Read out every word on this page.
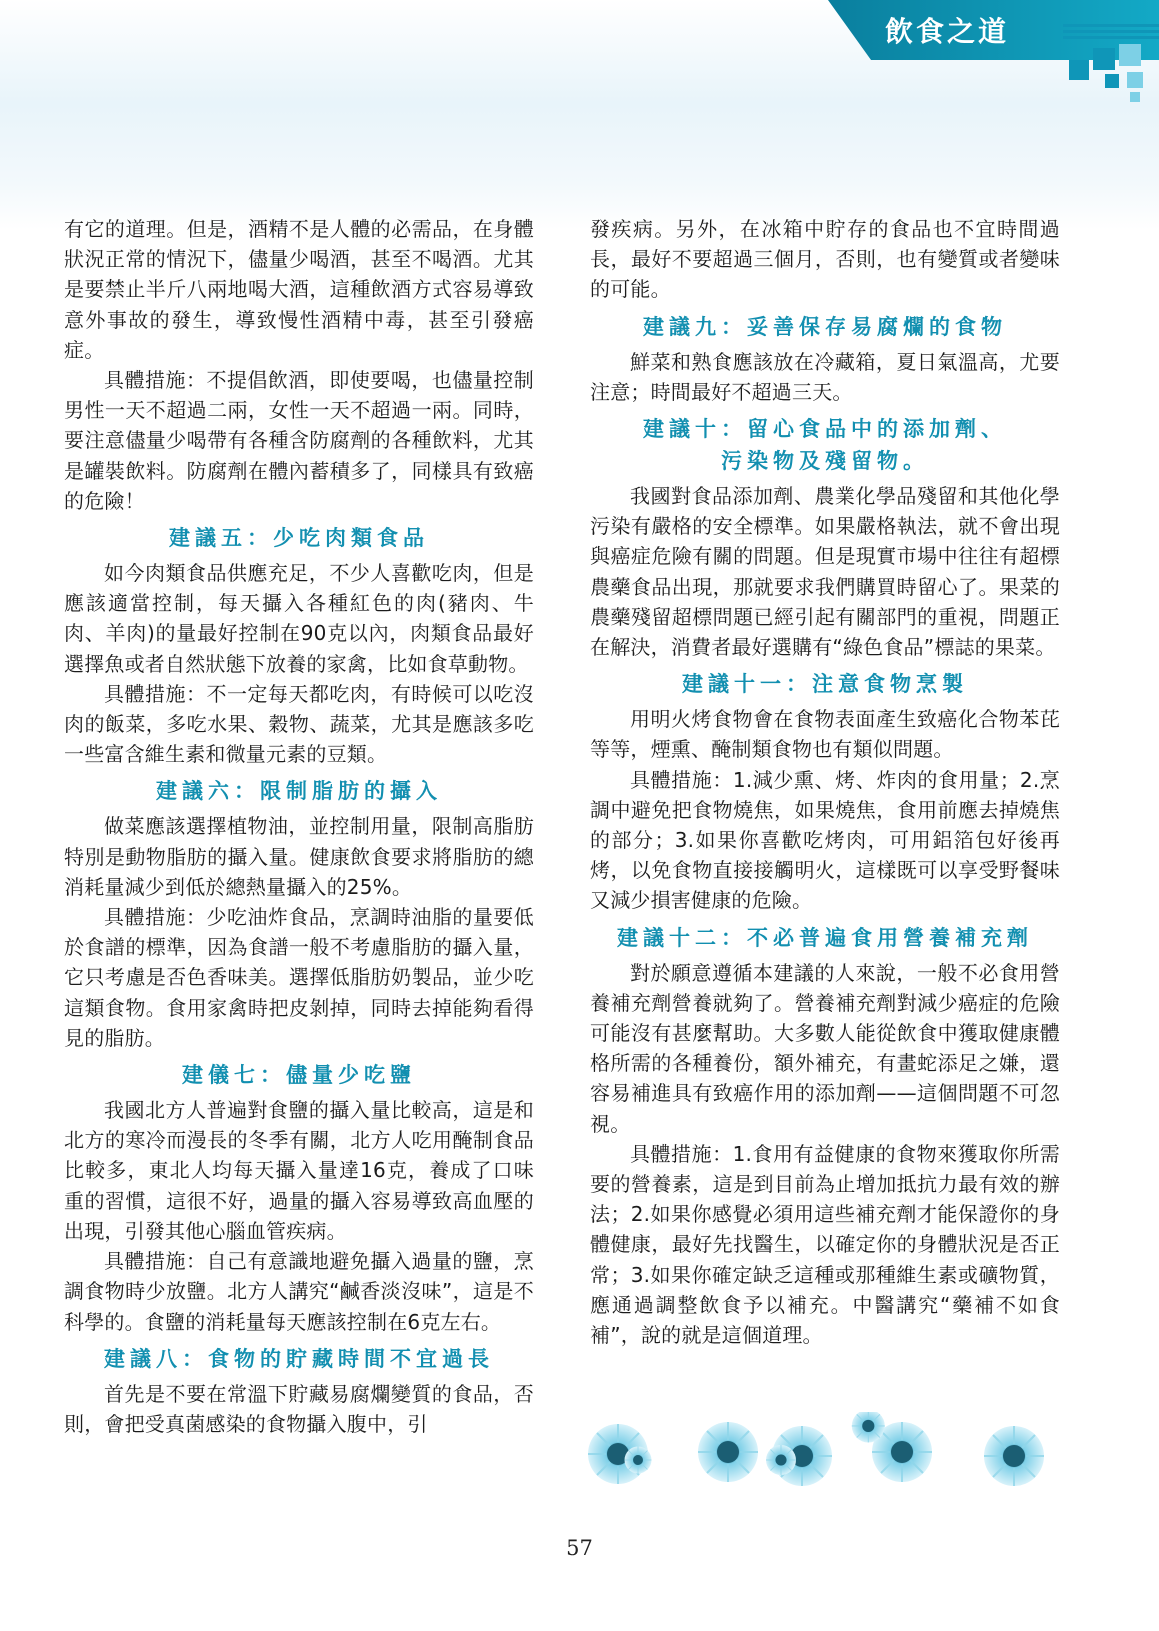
飲食之道

有它的道理。但是，酒精不是人體的必需品，在身體狀況正常的情況下，儘量少喝酒，甚至不喝酒。尤其是要禁止半斤八兩地喝大酒，這種飲酒方式容易導致意外事故的發生，導致慢性酒精中毒，甚至引發癌症。

具體措施：不提倡飲酒，即使要喝，也儘量控制男性一天不超過二兩，女性一天不超過一兩。同時，要注意儘量少喝帶有各種含防腐劑的各種飲料，尤其是罐裝飲料。防腐劑在體內蓄積多了，同樣具有致癌的危險！

建議五：少吃肉類食品

如今肉類食品供應充足，不少人喜歡吃肉，但是應該適當控制，每天攝入各種紅色的肉(豬肉、牛肉、羊肉)的量最好控制在90克以內，肉類食品最好選擇魚或者自然狀態下放養的家禽，比如食草動物。

具體措施：不一定每天都吃肉，有時候可以吃沒肉的飯菜，多吃水果、穀物、蔬菜，尤其是應該多吃一些富含維生素和微量元素的豆類。

建議六：限制脂肪的攝入

做菜應該選擇植物油，並控制用量，限制高脂肪特別是動物脂肪的攝入量。健康飲食要求將脂肪的總消耗量減少到低於總熱量攝入的25%。

具體措施：少吃油炸食品，烹調時油脂的量要低於食譜的標準，因為食譜一般不考慮脂肪的攝入量，它只考慮是否色香味美。選擇低脂肪奶製品，並少吃這類食物。食用家禽時把皮剝掉，同時去掉能夠看得見的脂肪。

建儀七：儘量少吃鹽

我國北方人普遍對食鹽的攝入量比較高，這是和北方的寒冷而漫長的冬季有關，北方人吃用醃制食品比較多，東北人均每天攝入量達16克，養成了口味重的習慣，這很不好，過量的攝入容易導致高血壓的出現，引發其他心腦血管疾病。

具體措施：自己有意識地避免攝入過量的鹽，烹調食物時少放鹽。北方人講究“鹹香淡沒味”，這是不科學的。食鹽的消耗量每天應該控制在6克左右。

建議八：食物的貯藏時間不宜過長

首先是不要在常溫下貯藏易腐爛變質的食品，否則，會把受真菌感染的食物攝入腹中，引

發疾病。另外，在冰箱中貯存的食品也不宜時間過長，最好不要超過三個月，否則，也有變質或者變味的可能。

建議九：妥善保存易腐爛的食物

鮮菜和熟食應該放在冷藏箱，夏日氣溫高，尤要注意；時間最好不超過三天。

建議十：留心食品中的添加劑、
污染物及殘留物。

我國對食品添加劑、農業化學品殘留和其他化學污染有嚴格的安全標準。如果嚴格執法，就不會出現與癌症危險有關的問題。但是現實市場中往往有超標農藥食品出現，那就要求我們購買時留心了。果菜的農藥殘留超標問題已經引起有關部門的重視，問題正在解決，消費者最好選購有“綠色食品”標誌的果菜。

建議十一：注意食物烹製

用明火烤食物會在食物表面產生致癌化合物苯芘等等，煙熏、醃制類食物也有類似問題。

具體措施：1.減少熏、烤、炸肉的食用量；2.烹調中避免把食物燒焦，如果燒焦，食用前應去掉燒焦的部分；3.如果你喜歡吃烤肉，可用鋁箔包好後再烤，以免食物直接接觸明火，這樣既可以享受野餐味又減少損害健康的危險。

建議十二：不必普遍食用營養補充劑

對於願意遵循本建議的人來說，一般不必食用營養補充劑營養就夠了。營養補充劑對減少癌症的危險可能沒有甚麼幫助。大多數人能從飲食中獲取健康體格所需的各種養份，額外補充，有畫蛇添足之嫌，還容易補進具有致癌作用的添加劑——這個問題不可忽視。

具體措施：1.食用有益健康的食物來獲取你所需要的營養素，這是到目前為止增加抵抗力最有效的辦法；2.如果你感覺必須用這些補充劑才能保證你的身體健康，最好先找醫生，以確定你的身體狀況是否正常；3.如果你確定缺乏這種或那種維生素或礦物質，應通過調整飲食予以補充。中醫講究“藥補不如食補”，說的就是這個道理。

57
